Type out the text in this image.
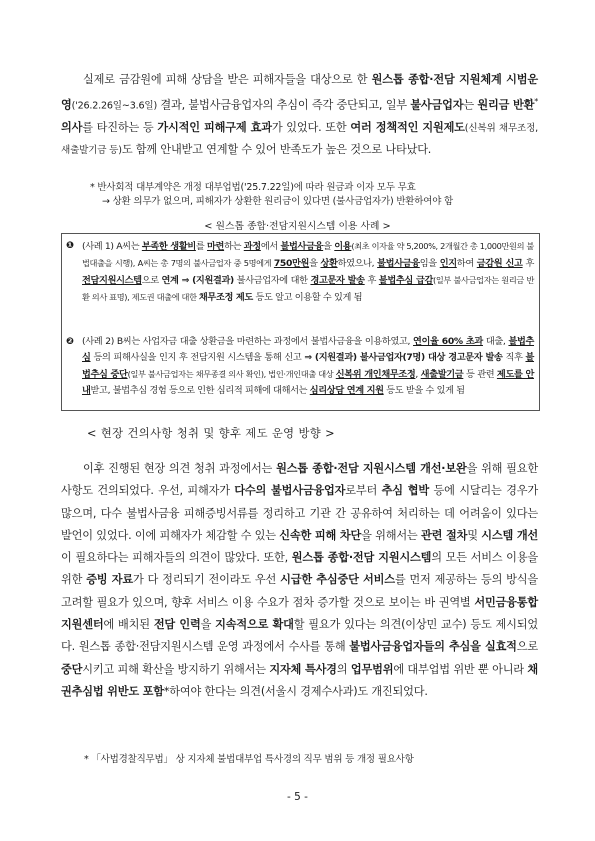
실제로 금감원에 피해 상담을 받은 피해자들을 대상으로 한 원스톱 종합·전담 지원체계 시범운영('26.2.26일~3.6일) 결과, 불법사금융업자의 추심이 즉각 중단되고, 일부 불사금업자는 원리금 반환* 의사를 타진하는 등 가시적인 피해구제 효과가 있었다. 또한 여러 정책적인 지원제도(신복위 채무조정, 새출발기금 등)도 함께 안내받고 연계할 수 있어 반족도가 높은 것으로 나타났다.
* 반사회적 대부계약은 개정 대부업법('25.7.22일)에 따라 원금과 이자 모두 무효
→ 상환 의무가 없으며, 피해자가 상환한 원리금이 있다면 (불사금업자가) 반환하여야 함
< 원스톱 종합·전담지원시스템 이용 사례 >
❶ (사례 1) A씨는 부족한 생활비를 마련하는 과정에서 불법사금융을 이용(최초 이자율 약 5,200%, 2개월간 총 1,000만원의 불법대출을 시행), A씨는 총 7명의 불사금업자 중 5명에게 750만원을 상환하였으나, 불법사금융임을 인지하여 금감원 신고 후 전담지원시스템으로 연계 ⇒ (지원결과) 불사금업자에 대한 경고문자 발송 후 불법추심 급감(일부 불사금업자는 원리금 반환 의사 표명), 제도권 대출에 대한 채무조정 제도 등도 알고 이용할 수 있게 됨
❷ (사례 2) B씨는 사업자금 대출 상환금을 마련하는 과정에서 불법사금융을 이용하였고, 연이율 60% 초과 대출, 불법추심 등의 피해사실을 인지 후 전담지원 시스템을 통해 신고 ⇒ (지원결과) 불사금업자(7명) 대상 경고문자 발송 직후 불법추심 중단(일부 불사금업자는 채무종결 의사 확인), 법인·개인대출 대상 신복위 개인채무조정, 새출발기금 등 관련 제도를 안내받고, 불법추심 경험 등으로 인한 심리적 피해에 대해서는 심리상담 연계 지원 등도 받을 수 있게 됨
< 현장 건의사항 청취 및 향후 제도 운영 방향 >
이후 진행된 현장 의견 청취 과정에서는 원스톱 종합·전담 지원시스템 개선·보완을 위해 필요한 사항도 건의되었다. 우선, 피해자가 다수의 불법사금융업자로부터 추심 협박 등에 시달리는 경우가 많으며, 다수 불법사금융 피해증빙서류를 정리하고 기관 간 공유하여 처리하는 데 어려움이 있다는 발언이 있었다. 이에 피해자가 체감할 수 있는 신속한 피해 차단을 위해서는 관련 절차및 시스템 개선이 필요하다는 피해자들의 의견이 많았다. 또한, 원스톱 종합·전담 지원시스템의 모든 서비스 이용을 위한 증빙 자료가 다 정리되기 전이라도 우선 시급한 추심중단 서비스를 먼저 제공하는 등의 방식을 고려할 필요가 있으며, 향후 서비스 이용 수요가 점차 증가할 것으로 보이는 바 권역별 서민금융통합지원센터에 배치된 전담 인력을 지속적으로 확대할 필요가 있다는 의견(이상민 교수) 등도 제시되었다. 원스톱 종합·전담지원시스템 운영 과정에서 수사를 통해 불법사금융업자들의 추심을 실효적으로 중단시키고 피해 확산을 방지하기 위해서는 지자체 특사경의 업무범위에 대부업법 위반 뿐 아니라 채권추심법 위반도 포함*하여야 한다는 의견(서울시 경제수사과)도 개진되었다.
* 「사법경찰직무법」 상 지자체 불법대부업 특사경의 직무 범위 등 개정 필요사항
- 5 -
